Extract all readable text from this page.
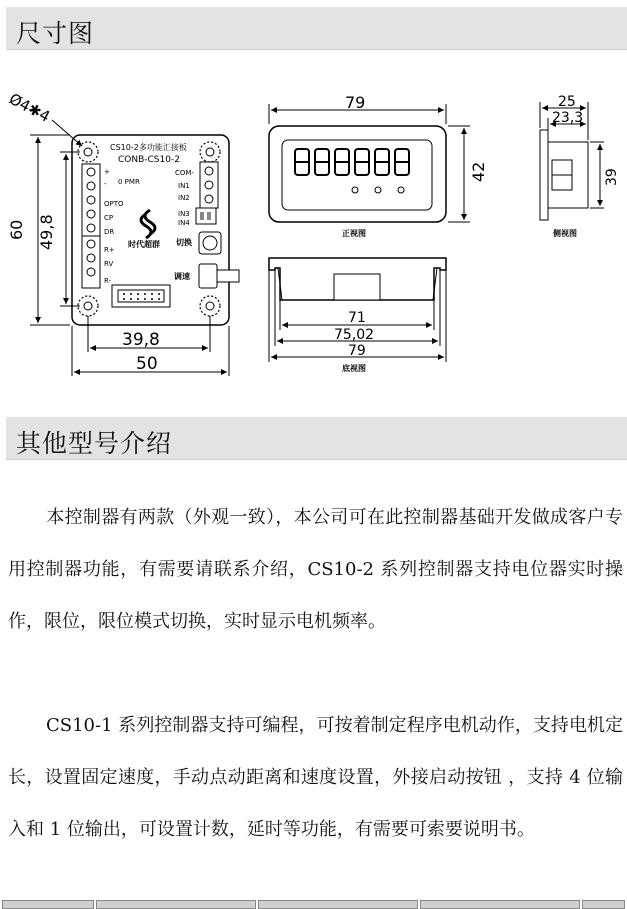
尺寸图
CS10-2多功能汇接板
CONB-CS10-2
+
- 0 PMR
OPTO
CP
DR
R+
RV
R-
COM-
IN1
IN2
IN3
IN4
时代超群 切换
调速
Ø4✱4
60 49,8
39,8
50
79
42
正视图
25
23,3
39
侧视图
71
75,02
79
底视图
其他型号介绍
本控制器有两款（外观一致），本公司可在此控制器基础开发做成客户专用控制器功能，有需要请联系介绍，CS10-2 系列控制器支持电位器实时操作，限位，限位模式切换，实时显示电机频率。
CS10-1 系列控制器支持可编程，可按着制定程序电机动作，支持电机定长，设置固定速度，手动点动距离和速度设置，外接启动按钮 ，支持 4 位输入和 1 位输出，可设置计数，延时等功能，有需要可索要说明书。
